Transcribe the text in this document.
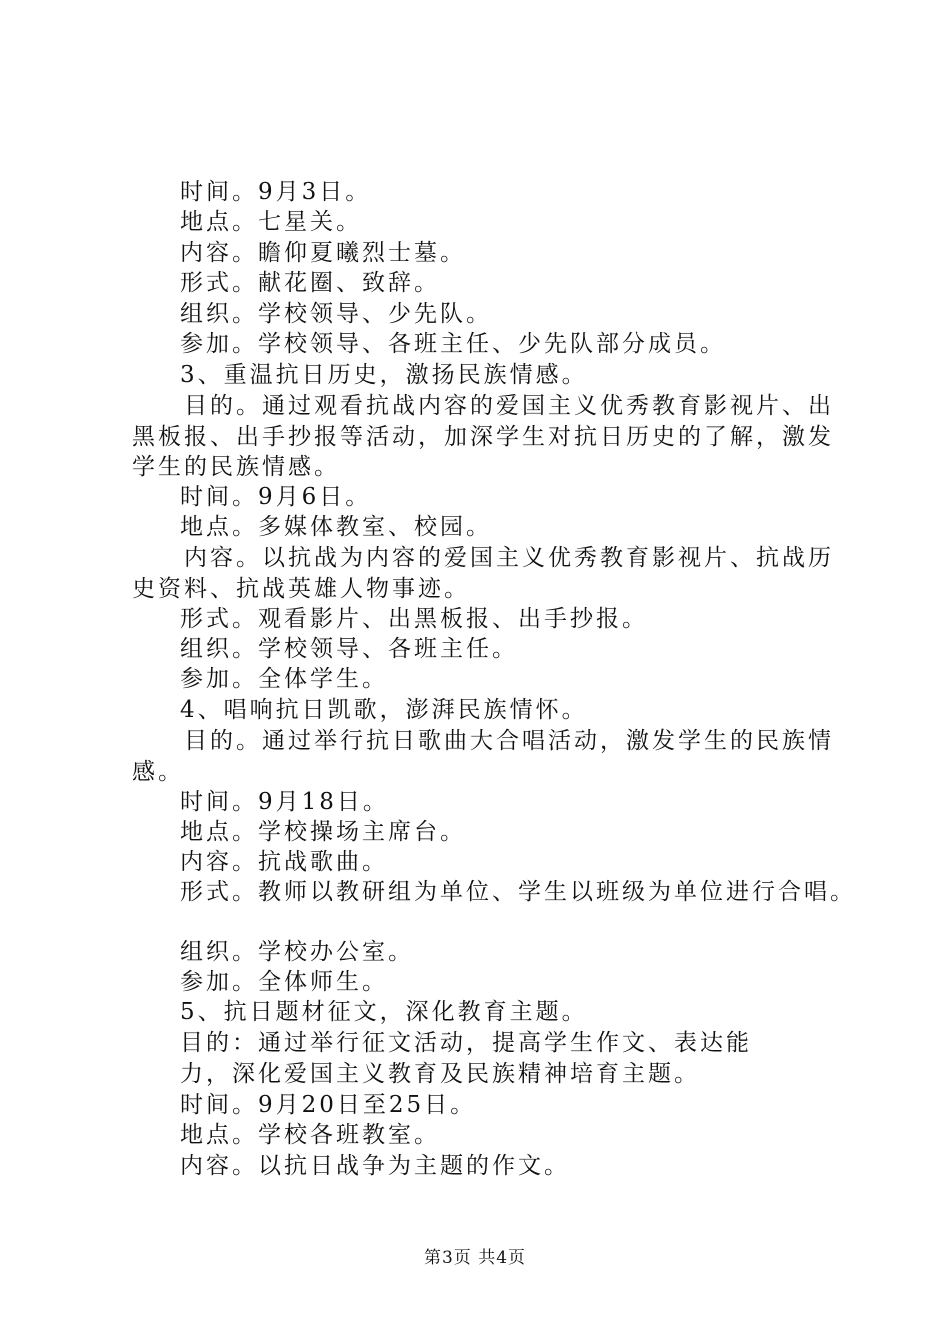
时间。9月3日。
地点。七星关。
内容。瞻仰夏曦烈士墓。
形式。献花圈、致辞。
组织。学校领导、少先队。
参加。学校领导、各班主任、少先队部分成员。
3、重温抗日历史，激扬民族情感。
目的。通过观看抗战内容的爱国主义优秀教育影视片、出
黑板报、出手抄报等活动，加深学生对抗日历史的了解，激发
学生的民族情感。
时间。9月6日。
地点。多媒体教室、校园。
内容。以抗战为内容的爱国主义优秀教育影视片、抗战历
史资料、抗战英雄人物事迹。
形式。观看影片、出黑板报、出手抄报。
组织。学校领导、各班主任。
参加。全体学生。
4、唱响抗日凯歌，澎湃民族情怀。
目的。通过举行抗日歌曲大合唱活动，激发学生的民族情
感。
时间。9月18日。
地点。学校操场主席台。
内容。抗战歌曲。
形式。教师以教研组为单位、学生以班级为单位进行合唱。
组织。学校办公室。
参加。全体师生。
5、抗日题材征文，深化教育主题。
目的：通过举行征文活动，提高学生作文、表达能
力，深化爱国主义教育及民族精神培育主题。
时间。9月20日至25日。
地点。学校各班教室。
内容。以抗日战争为主题的作文。
第3页 共4页
